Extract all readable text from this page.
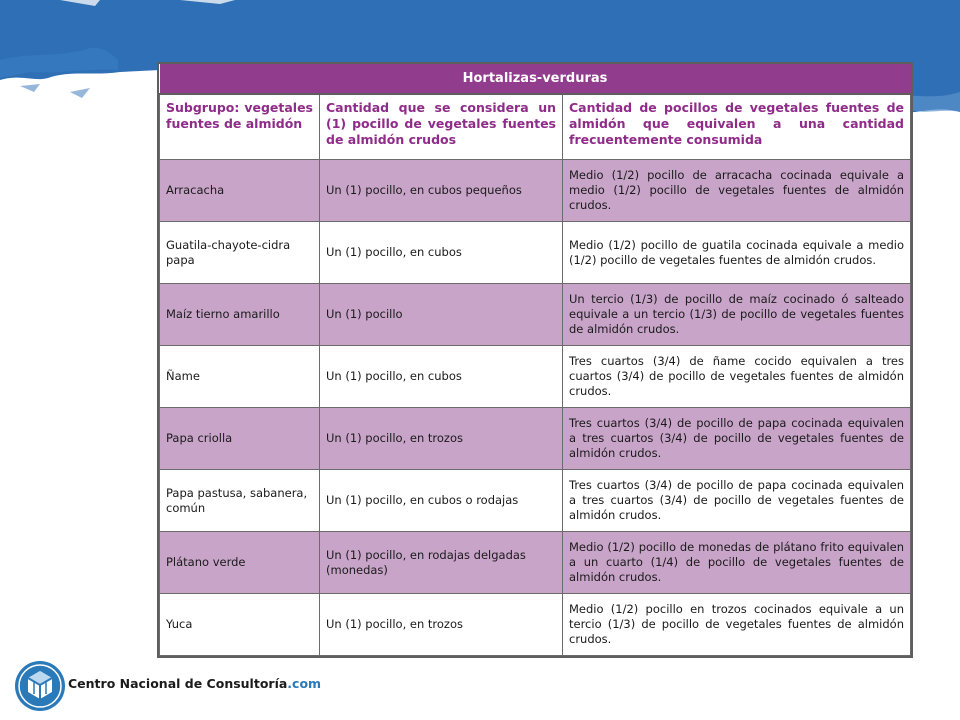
Hortalizas-verduras		
Subgrupo: vegetales fuentes de almidón	Cantidad que se considera un (1) pocillo de vegetales fuentes de almidón crudos	Cantidad de pocillos de vegetales fuentes de almidón que equivalen a una cantidad frecuentemente consumida
Arracacha	Un (1) pocillo, en cubos pequeños	Medio (1/2) pocillo de arracacha cocinada equivale a medio (1/2) pocillo de vegetales fuentes de almidón crudos.
Guatila-chayote-cidra papa	Un (1) pocillo, en cubos	Medio (1/2) pocillo de guatila cocinada equivale a medio (1/2) pocillo de vegetales fuentes de almidón crudos.
Maíz tierno amarillo	Un (1) pocillo	Un tercio (1/3) de pocillo de maíz cocinado ó salteado equivale a un tercio (1/3) de pocillo de vegetales fuentes de almidón crudos.
Ñame	Un (1) pocillo, en cubos	Tres cuartos (3/4) de ñame cocido equivalen a tres cuartos (3/4) de pocillo de vegetales fuentes de almidón crudos.
Papa criolla	Un (1) pocillo, en trozos	Tres cuartos (3/4) de pocillo de papa cocinada equivalen a tres cuartos (3/4) de pocillo de vegetales fuentes de almidón crudos.
Papa pastusa, sabanera, común	Un (1) pocillo, en cubos o rodajas	Tres cuartos (3/4) de pocillo de papa cocinada equivalen a tres cuartos (3/4) de pocillo de vegetales fuentes de almidón crudos.
Plátano verde	Un (1) pocillo, en rodajas delgadas (monedas)	Medio (1/2) pocillo de monedas de plátano frito equivalen a un cuarto (1/4) de pocillo de vegetales fuentes de almidón crudos.
Yuca	Un (1) pocillo, en trozos	Medio (1/2) pocillo en trozos cocinados equivale a un tercio (1/3) de pocillo de vegetales fuentes de almidón crudos.
Centro Nacional de Consultoría.com
